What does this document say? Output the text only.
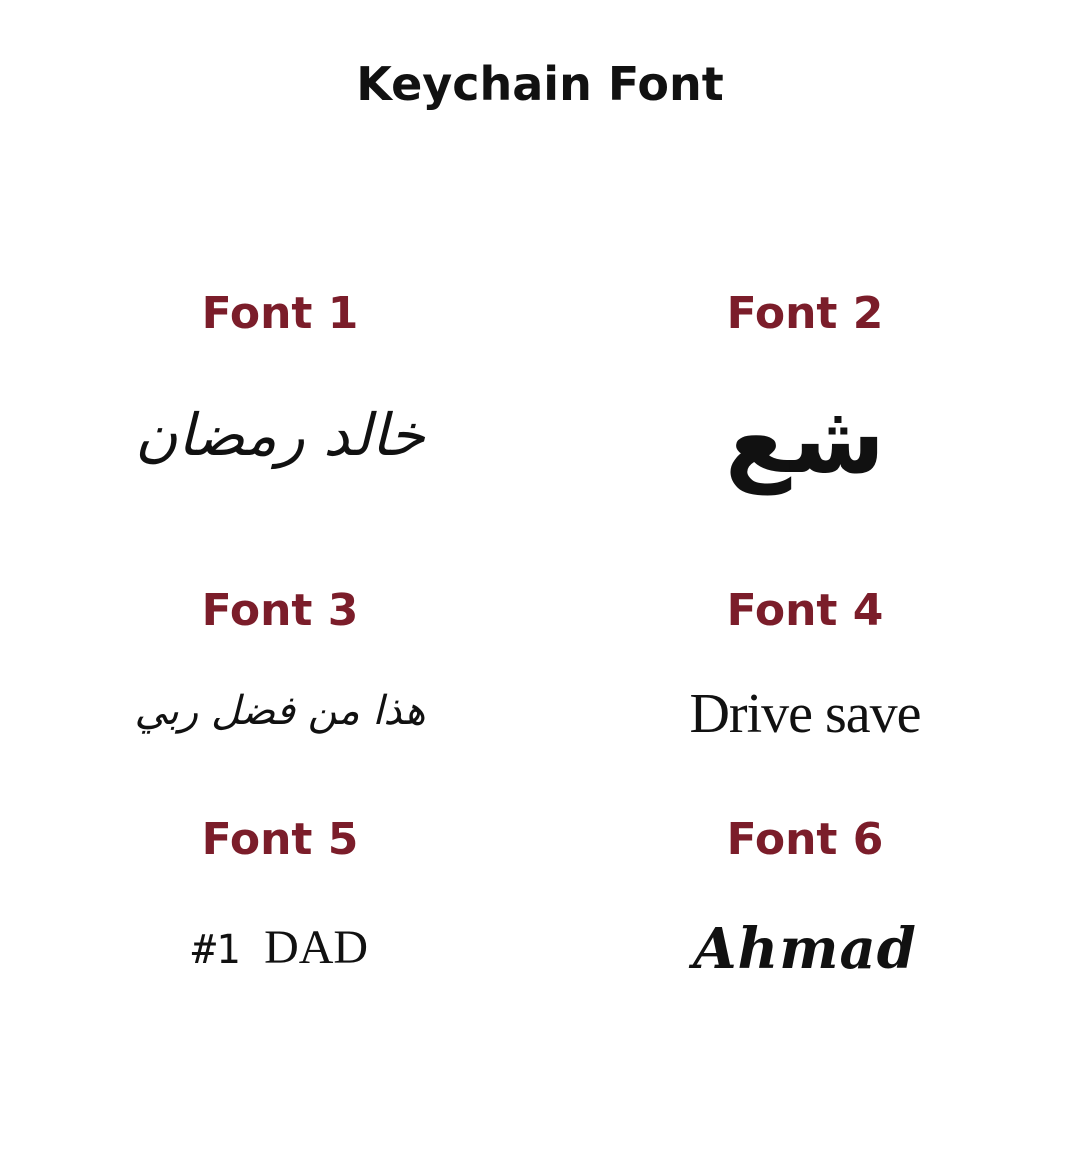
Keychain Font

Font 1

خالد رمضان

Font 2

شع

Font 3

هذا من فضل ربي

Font 4

Drive save

Font 5

#1 DAD

Font 6

Ahmad
